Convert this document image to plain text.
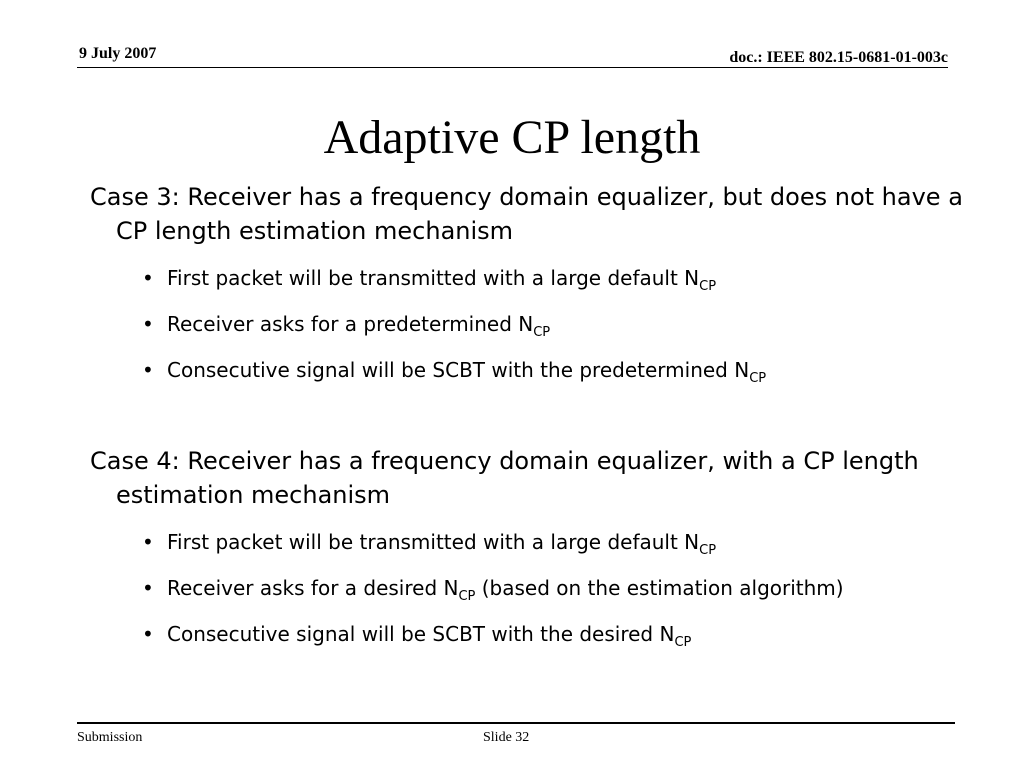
9 July 2007	doc.: IEEE 802.15-0681-01-003c
Adaptive CP length

Case 3: Receiver has a frequency domain equalizer, but does not have a CP length estimation mechanism

• First packet will be transmitted with a large default $N_{CP}$
• Receiver asks for a predetermined $N_{CP}$
• Consecutive signal will be SCBT with the predetermined $N_{CP}$

Case 4: Receiver has a frequency domain equalizer, with a CP length estimation mechanism

• First packet will be transmitted with a large default $N_{CP}$
• Receiver asks for a desired $N_{CP}$ (based on the estimation algorithm)
• Consecutive signal will be SCBT with the desired $N_{CP}$
Submission	Slide 32
